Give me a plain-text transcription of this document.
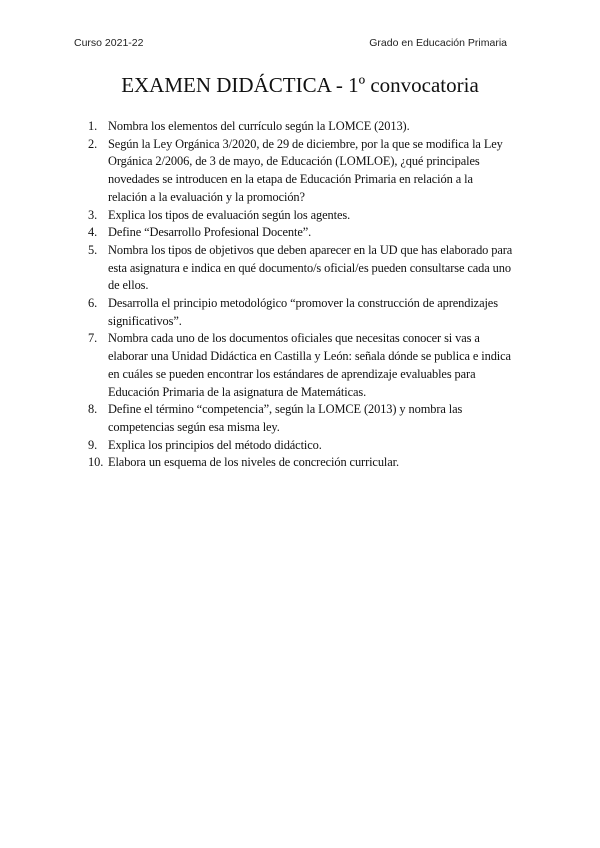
Curso 2021-22	Grado en Educación Primaria
EXAMEN DIDÁCTICA - 1º convocatoria
1. Nombra los elementos del currículo según la LOMCE (2013).
2. Según la Ley Orgánica 3/2020, de 29 de diciembre, por la que se modifica la Ley Orgánica 2/2006, de 3 de mayo, de Educación (LOMLOE), ¿qué principales novedades se introducen en la etapa de Educación Primaria en relación a la relación a la evaluación y la promoción?
3. Explica los tipos de evaluación según los agentes.
4. Define “Desarrollo Profesional Docente”.
5. Nombra los tipos de objetivos que deben aparecer en la UD que has elaborado para esta asignatura e indica en qué documento/s oficial/es pueden consultarse cada uno de ellos.
6. Desarrolla el principio metodológico “promover la construcción de aprendizajes significativos”.
7. Nombra cada uno de los documentos oficiales que necesitas conocer si vas a elaborar una Unidad Didáctica en Castilla y León: señala dónde se publica e indica en cuáles se pueden encontrar los estándares de aprendizaje evaluables para Educación Primaria de la asignatura de Matemáticas.
8. Define el término “competencia”, según la LOMCE (2013) y nombra las competencias según esa misma ley.
9. Explica los principios del método didáctico.
10. Elabora un esquema de los niveles de concreción curricular.
